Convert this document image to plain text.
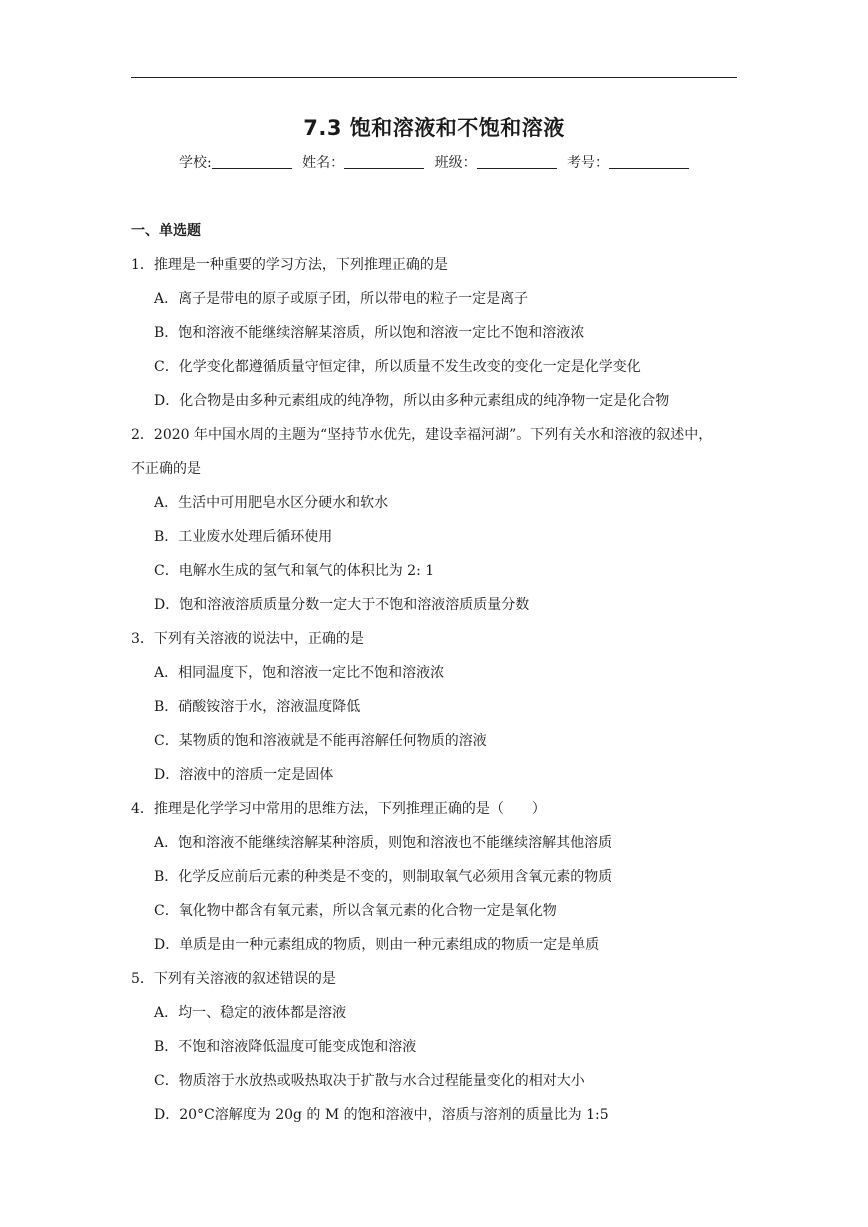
7.3 饱和溶液和不饱和溶液
学校:	姓名：	班级：	考号：
一、单选题
1．推理是一种重要的学习方法，下列推理正确的是
A．离子是带电的原子或原子团，所以带电的粒子一定是离子
B．饱和溶液不能继续溶解某溶质，所以饱和溶液一定比不饱和溶液浓
C．化学变化都遵循质量守恒定律，所以质量不发生改变的变化一定是化学变化
D．化合物是由多种元素组成的纯净物，所以由多种元素组成的纯净物一定是化合物
2．2020 年中国水周的主题为“坚持节水优先，建设幸福河湖”。下列有关水和溶液的叙述中，
不正确的是
A．生活中可用肥皂水区分硬水和软水
B．工业废水处理后循环使用
C．电解水生成的氢气和氧气的体积比为 2: 1
D．饱和溶液溶质质量分数一定大于不饱和溶液溶质质量分数
3．下列有关溶液的说法中，正确的是
A．相同温度下，饱和溶液一定比不饱和溶液浓
B．硝酸铵溶于水，溶液温度降低
C．某物质的饱和溶液就是不能再溶解任何物质的溶液
D．溶液中的溶质一定是固体
4．推理是化学学习中常用的思维方法，下列推理正确的是（　　）
A．饱和溶液不能继续溶解某种溶质，则饱和溶液也不能继续溶解其他溶质
B．化学反应前后元素的种类是不变的，则制取氧气必须用含氧元素的物质
C．氧化物中都含有氧元素，所以含氧元素的化合物一定是氧化物
D．单质是由一种元素组成的物质，则由一种元素组成的物质一定是单质
5．下列有关溶液的叙述错误的是
A．均一、稳定的液体都是溶液
B．不饱和溶液降低温度可能变成饱和溶液
C．物质溶于水放热或吸热取决于扩散与水合过程能量变化的相对大小
D．20°C溶解度为 20g 的 M 的饱和溶液中，溶质与溶剂的质量比为 1:5
